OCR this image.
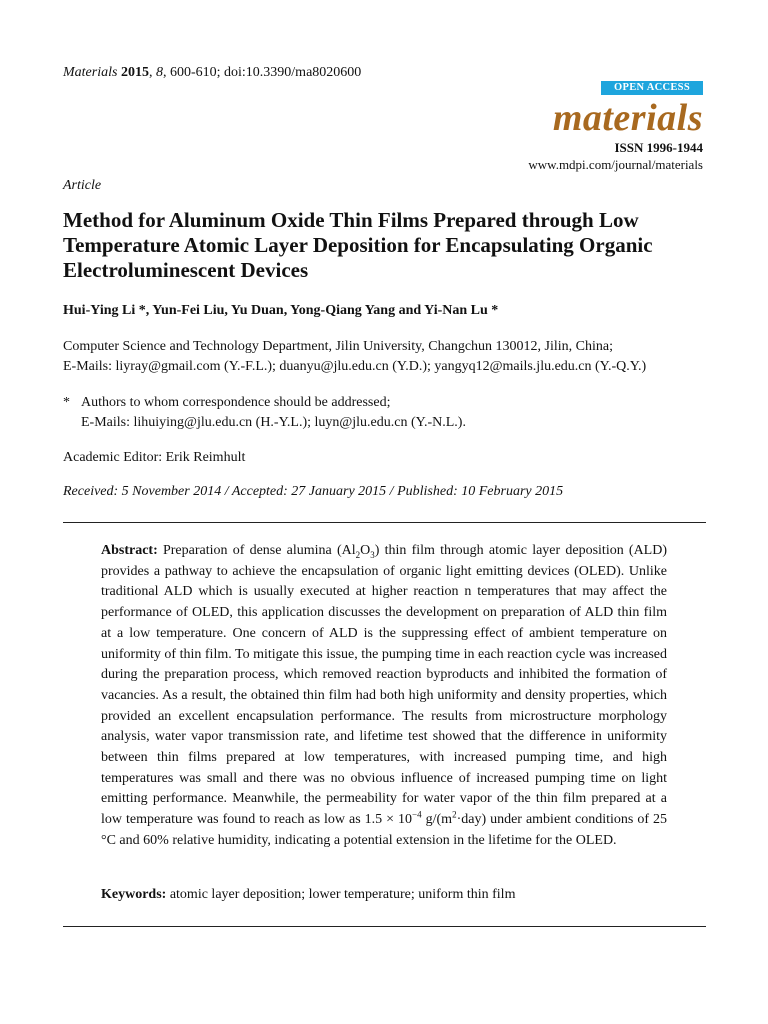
Materials 2015, 8, 600-610; doi:10.3390/ma8020600
OPEN ACCESS
materials
ISSN 1996-1944
www.mdpi.com/journal/materials
Article
Method for Aluminum Oxide Thin Films Prepared through Low Temperature Atomic Layer Deposition for Encapsulating Organic Electroluminescent Devices
Hui-Ying Li *, Yun-Fei Liu, Yu Duan, Yong-Qiang Yang and Yi-Nan Lu *
Computer Science and Technology Department, Jilin University, Changchun 130012, Jilin, China;
E-Mails: liyray@gmail.com (Y.-F.L.); duanyu@jlu.edu.cn (Y.D.); yangyq12@mails.jlu.edu.cn (Y.-Q.Y.)
* Authors to whom correspondence should be addressed;
E-Mails: lihuiying@jlu.edu.cn (H.-Y.L.); luyn@jlu.edu.cn (Y.-N.L.).
Academic Editor: Erik Reimhult
Received: 5 November 2014 / Accepted: 27 January 2015 / Published: 10 February 2015
Abstract: Preparation of dense alumina $(Al_2O_3)$ thin film through atomic layer deposition (ALD) provides a pathway to achieve the encapsulation of organic light emitting devices (OLED). Unlike traditional ALD which is usually executed at higher reaction n temperatures that may affect the performance of OLED, this application discusses the development on preparation of ALD thin film at a low temperature. One concern of ALD is the suppressing effect of ambient temperature on uniformity of thin film. To mitigate this issue, the pumping time in each reaction cycle was increased during the preparation process, which removed reaction byproducts and inhibited the formation of vacancies. As a result, the obtained thin film had both high uniformity and density properties, which provided an excellent encapsulation performance. The results from microstructure morphology analysis, water vapor transmission rate, and lifetime test showed that the difference in uniformity between thin films prepared at low temperatures, with increased pumping time, and high temperatures was small and there was no obvious influence of increased pumping time on light emitting performance. Meanwhile, the permeability for water vapor of the thin film prepared at a low temperature was found to reach as low as $1.5 \times 10^{-4}$ $g/(m^2\cdot day)$ under ambient conditions of 25 °C and 60% relative humidity, indicating a potential extension in the lifetime for the OLED.
Keywords: atomic layer deposition; lower temperature; uniform thin film
